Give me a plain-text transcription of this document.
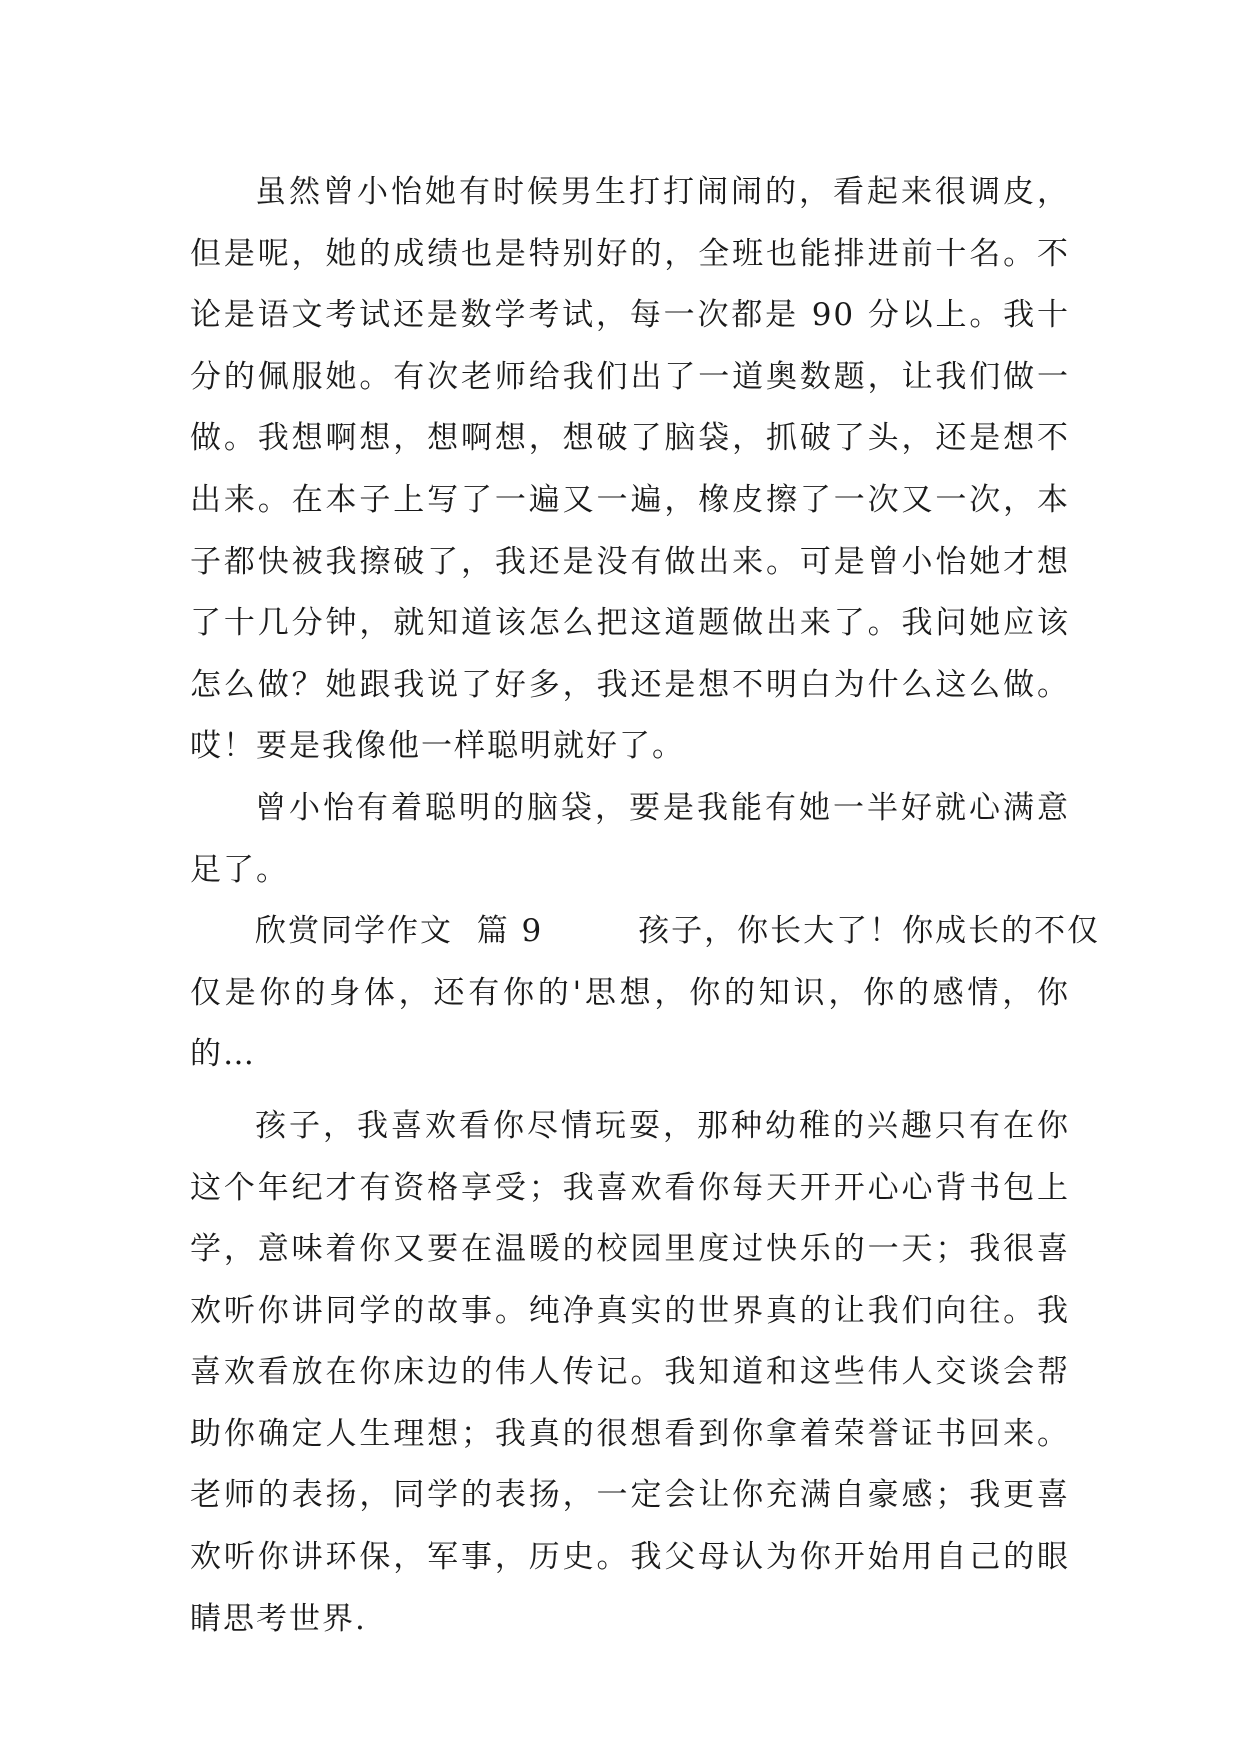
虽然曾小怡她有时候男生打打闹闹的，看起来很调皮，
但是呢，她的成绩也是特别好的，全班也能排进前十名。不
论是语文考试还是数学考试，每一次都是 90 分以上。我十
分的佩服她。有次老师给我们出了一道奥数题，让我们做一
做。我想啊想，想啊想，想破了脑袋，抓破了头，还是想不
出来。在本子上写了一遍又一遍，橡皮擦了一次又一次，本
子都快被我擦破了，我还是没有做出来。可是曾小怡她才想
了十几分钟，就知道该怎么把这道题做出来了。我问她应该
怎么做？她跟我说了好多，我还是想不明白为什么这么做。
哎！要是我像他一样聪明就好了。
曾小怡有着聪明的脑袋，要是我能有她一半好就心满意
足了。
欣赏同学作文  篇 9        孩子，你长大了！你成长的不仅
仅是你的身体，还有你的'思想，你的知识，你的感情，你
的…
孩子，我喜欢看你尽情玩耍，那种幼稚的兴趣只有在你
这个年纪才有资格享受；我喜欢看你每天开开心心背书包上
学，意味着你又要在温暖的校园里度过快乐的一天；我很喜
欢听你讲同学的故事。纯净真实的世界真的让我们向往。我
喜欢看放在你床边的伟人传记。我知道和这些伟人交谈会帮
助你确定人生理想；我真的很想看到你拿着荣誉证书回来。
老师的表扬，同学的表扬，一定会让你充满自豪感；我更喜
欢听你讲环保，军事，历史。我父母认为你开始用自己的眼
睛思考世界.
